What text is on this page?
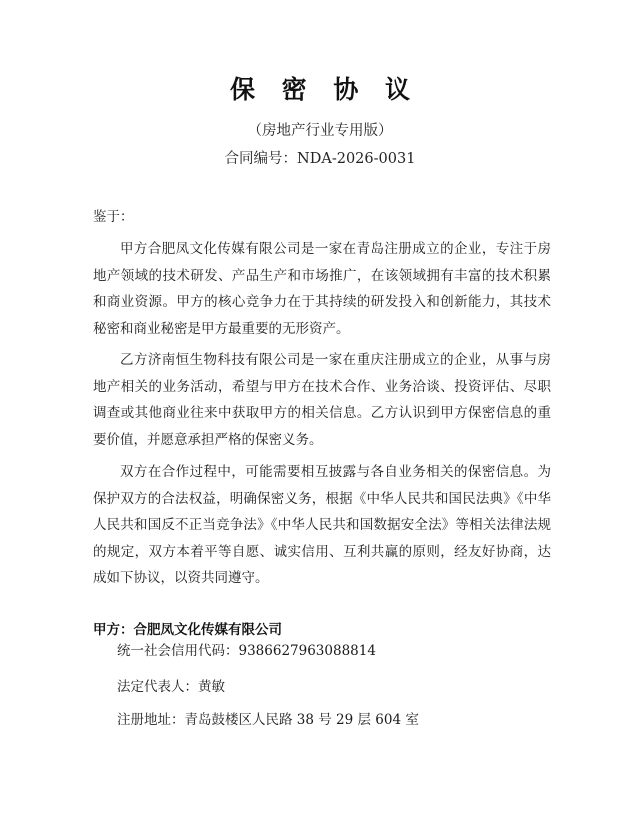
保 密 协 议
（房地产行业专用版）
合同编号：NDA-2026-0031
鉴于：

甲方合肥凤文化传媒有限公司是一家在青岛注册成立的企业，专注于房地产领域的技术研发、产品生产和市场推广，在该领域拥有丰富的技术积累和商业资源。甲方的核心竞争力在于其持续的研发投入和创新能力，其技术秘密和商业秘密是甲方最重要的无形资产。

乙方济南恒生物科技有限公司是一家在重庆注册成立的企业，从事与房地产相关的业务活动，希望与甲方在技术合作、业务洽谈、投资评估、尽职调查或其他商业往来中获取甲方的相关信息。乙方认识到甲方保密信息的重要价值，并愿意承担严格的保密义务。

双方在合作过程中，可能需要相互披露与各自业务相关的保密信息。为保护双方的合法权益，明确保密义务，根据《中华人民共和国民法典》《中华人民共和国反不正当竞争法》《中华人民共和国数据安全法》等相关法律法规的规定，双方本着平等自愿、诚实信用、互利共赢的原则，经友好协商，达成如下协议，以资共同遵守。

甲方：合肥凤文化传媒有限公司
统一社会信用代码：938662796308881​4
法定代表人：黄敏
注册地址：青岛鼓楼区人民路 38 号 29 层 604 室
